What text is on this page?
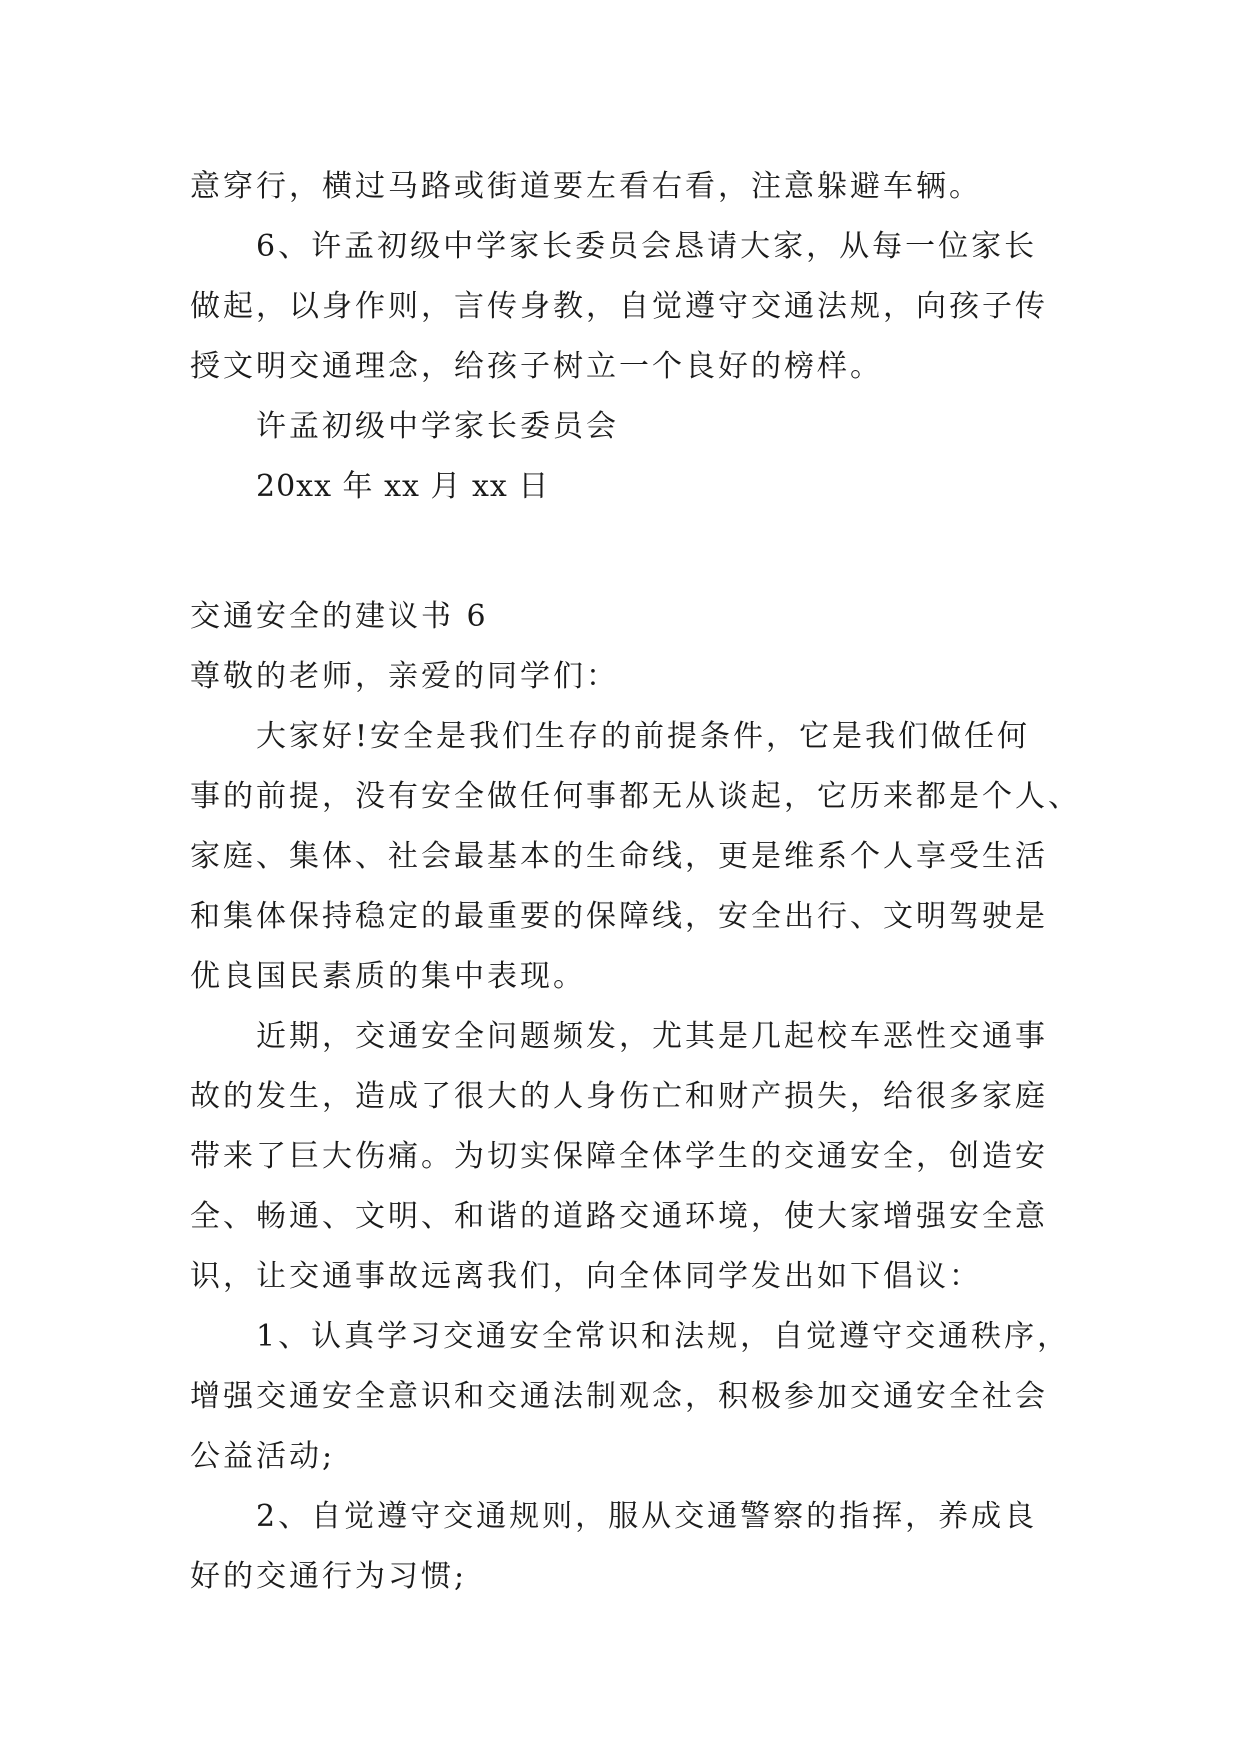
意穿行，横过马路或街道要左看右看，注意躲避车辆。

6、许孟初级中学家长委员会恳请大家，从每一位家长

做起，以身作则，言传身教，自觉遵守交通法规，向孩子传

授文明交通理念，给孩子树立一个良好的榜样。

许孟初级中学家长委员会

20xx 年 xx 月 xx 日

交通安全的建议书 6

尊敬的老师，亲爱的同学们：

大家好!安全是我们生存的前提条件，它是我们做任何

事的前提，没有安全做任何事都无从谈起，它历来都是个人、

家庭、集体、社会最基本的生命线，更是维系个人享受生活

和集体保持稳定的最重要的保障线，安全出行、文明驾驶是

优良国民素质的集中表现。

近期，交通安全问题频发，尤其是几起校车恶性交通事

故的发生，造成了很大的人身伤亡和财产损失，给很多家庭

带来了巨大伤痛。为切实保障全体学生的交通安全，创造安

全、畅通、文明、和谐的道路交通环境，使大家增强安全意

识，让交通事故远离我们，向全体同学发出如下倡议：

1、认真学习交通安全常识和法规，自觉遵守交通秩序，

增强交通安全意识和交通法制观念，积极参加交通安全社会

公益活动;

2、自觉遵守交通规则，服从交通警察的指挥，养成良

好的交通行为习惯;
